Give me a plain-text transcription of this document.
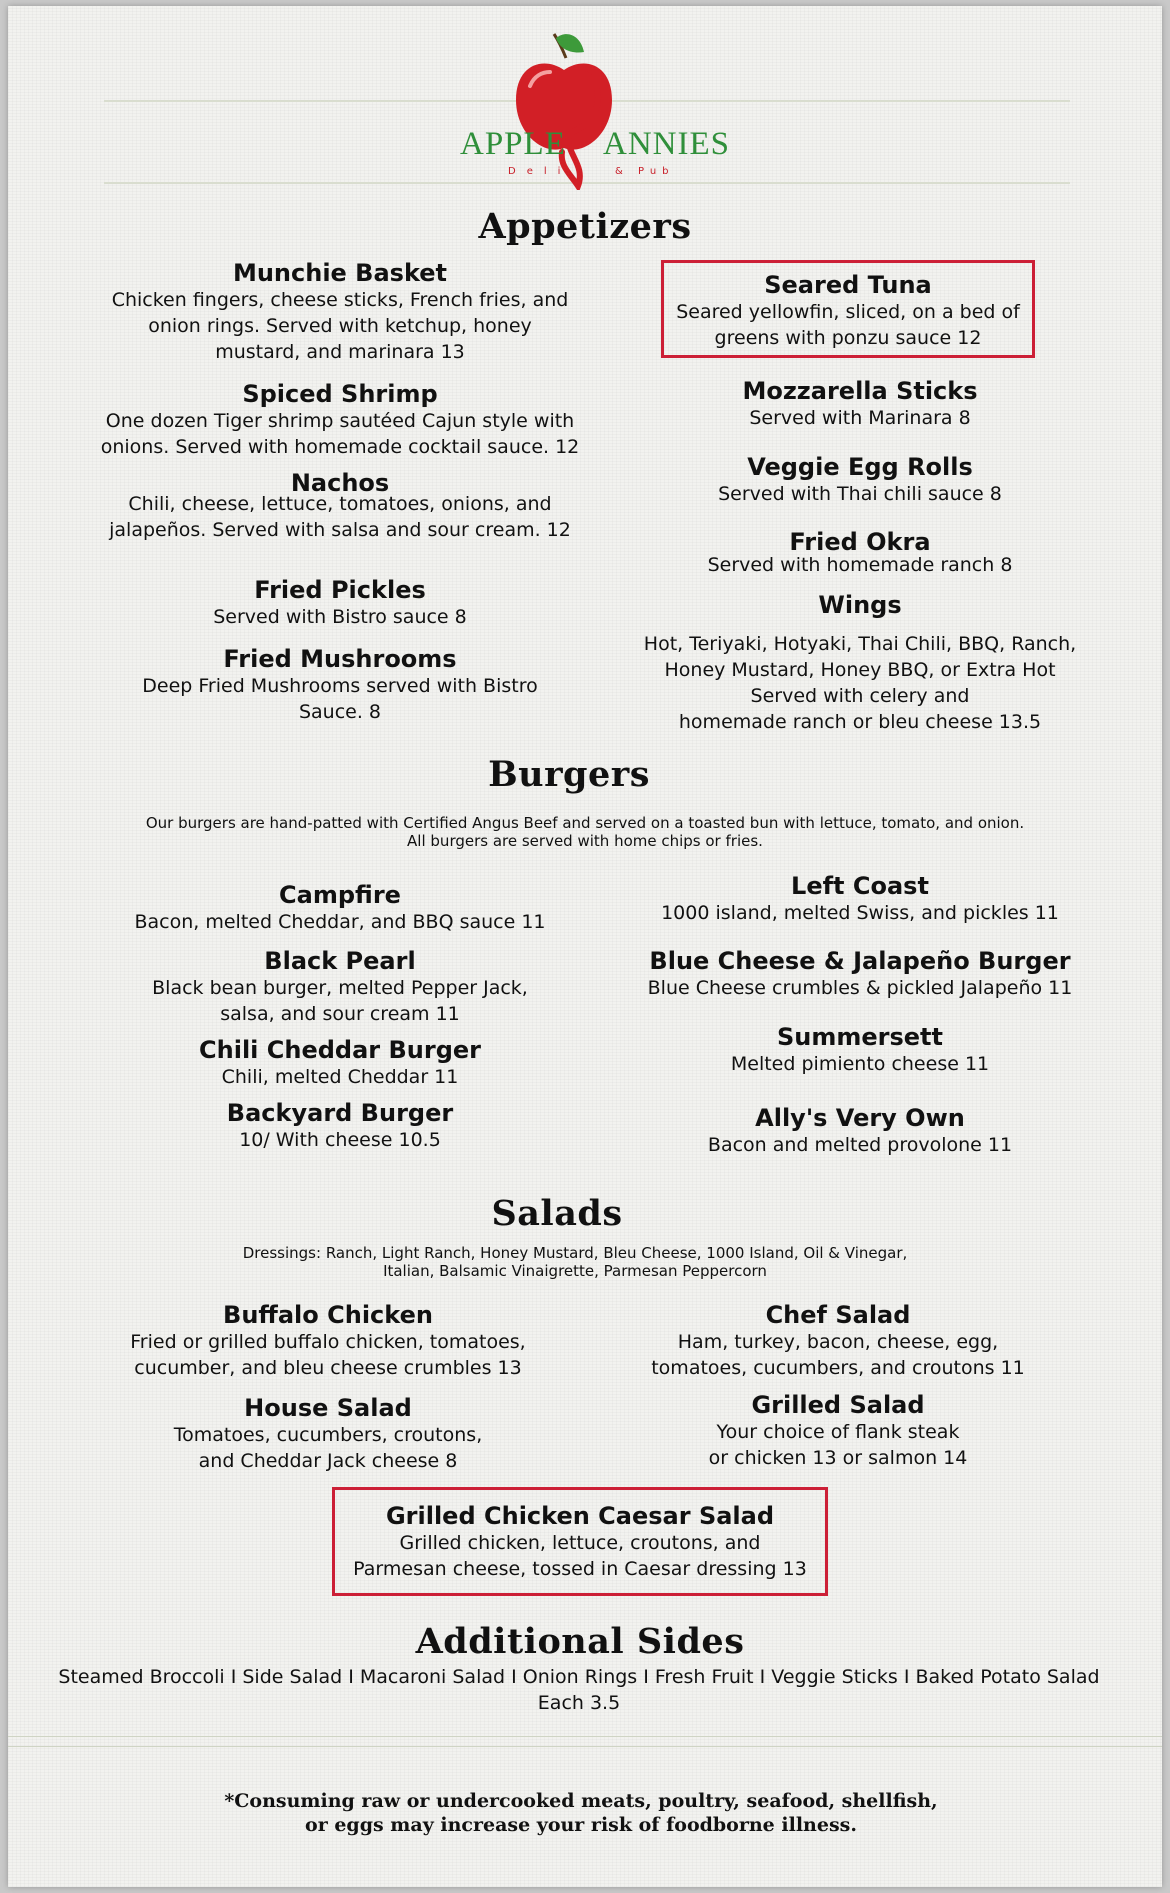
APPLE ANNIES
Deli	& Pub
Appetizers
Munchie Basket
Chicken fingers, cheese sticks, French fries, and
onion rings. Served with ketchup, honey
mustard, and marinara 13
Spiced Shrimp
One dozen Tiger shrimp sautéed Cajun style with
onions. Served with homemade cocktail sauce. 12
Nachos
Chili, cheese, lettuce, tomatoes, onions, and
jalapeños. Served with salsa and sour cream. 12
Fried Pickles
Served with Bistro sauce 8
Fried Mushrooms
Deep Fried Mushrooms served with Bistro
Sauce. 8
Seared Tuna
Seared yellowfin, sliced, on a bed of
greens with ponzu sauce 12
Mozzarella Sticks
Served with Marinara 8
Veggie Egg Rolls
Served with Thai chili sauce 8
Fried Okra
Served with homemade ranch 8
Wings
Hot, Teriyaki, Hotyaki, Thai Chili, BBQ, Ranch,
Honey Mustard, Honey BBQ, or Extra Hot
Served with celery and
homemade ranch or bleu cheese 13.5
Burgers
Our burgers are hand-patted with Certified Angus Beef and served on a toasted bun with lettuce, tomato, and onion.
All burgers are served with home chips or fries.
Campfire
Bacon, melted Cheddar, and BBQ sauce 11
Black Pearl
Black bean burger, melted Pepper Jack,
salsa, and sour cream 11
Chili Cheddar Burger
Chili, melted Cheddar 11
Backyard Burger
10/ With cheese 10.5
Left Coast
1000 island, melted Swiss, and pickles 11
Blue Cheese & Jalapeño Burger
Blue Cheese crumbles & pickled Jalapeño 11
Summersett
Melted pimiento cheese 11
Ally's Very Own
Bacon and melted provolone 11
Salads
Dressings: Ranch, Light Ranch, Honey Mustard, Bleu Cheese, 1000 Island, Oil & Vinegar,
Italian, Balsamic Vinaigrette, Parmesan Peppercorn
Buffalo Chicken
Fried or grilled buffalo chicken, tomatoes,
cucumber, and bleu cheese crumbles 13
House Salad
Tomatoes, cucumbers, croutons,
and Cheddar Jack cheese 8
Chef Salad
Ham, turkey, bacon, cheese, egg,
tomatoes, cucumbers, and croutons 11
Grilled Salad
Your choice of flank steak
or chicken 13 or salmon 14
Grilled Chicken Caesar Salad
Grilled chicken, lettuce, croutons, and
Parmesan cheese, tossed in Caesar dressing 13
Additional Sides
Steamed Broccoli I Side Salad I Macaroni Salad I Onion Rings I Fresh Fruit I Veggie Sticks I Baked Potato Salad
Each 3.5
*Consuming raw or undercooked meats, poultry, seafood, shellfish,
or eggs may increase your risk of foodborne illness.
